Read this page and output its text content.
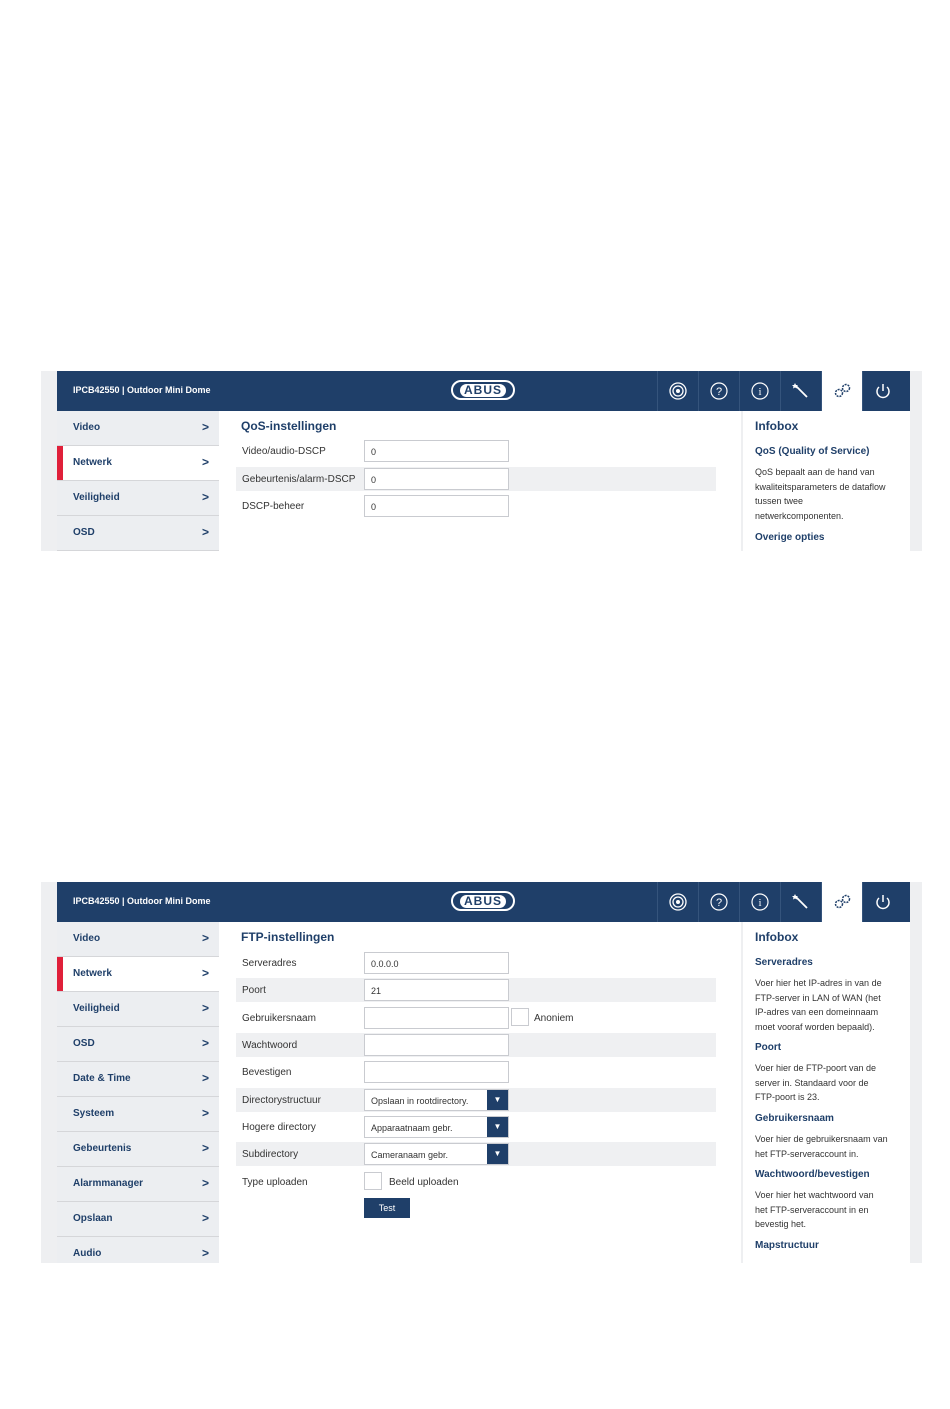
IPCB42550 | Outdoor Mini Dome	ABUS	?	i
Video	>
Netwerk	>
Veiligheid	>
OSD	>
QoS-instellingen
Video/audio-DSCP	0
Gebeurtenis/alarm-DSCP	0
DSCP-beheer	0
Infobox
QoS (Quality of Service)
QoS bepaalt aan de hand van
kwaliteitsparameters de dataflow
tussen twee
netwerkcomponenten.
Overige opties
IPCB42550 | Outdoor Mini Dome	ABUS	?	i
Video	>
Netwerk	>
Veiligheid	>
OSD	>
Date & Time	>
Systeem	>
Gebeurtenis	>
Alarmmanager	>
Opslaan	>
Audio	>
FTP-instellingen
Serveradres	0.0.0.0
Poort	21
Gebruikersnaam	Anoniem
Wachtwoord
Bevestigen
Directorystructuur	Opslaan in rootdirectory.	▼
Hogere directory	Apparaatnaam gebr.	▼
Subdirectory	Cameranaam gebr.	▼
Type uploaden	Beeld uploaden
Test
Infobox
Serveradres
Voer hier het IP-adres in van de
FTP-server in LAN of WAN (het
IP-adres van een domeinnaam
moet vooraf worden bepaald).
Poort
Voer hier de FTP-poort van de
server in. Standaard voor de
FTP-poort is 23.
Gebruikersnaam
Voer hier de gebruikersnaam van
het FTP-serveraccount in.
Wachtwoord/bevestigen
Voer hier het wachtwoord van
het FTP-serveraccount in en
bevestig het.
Mapstructuur
